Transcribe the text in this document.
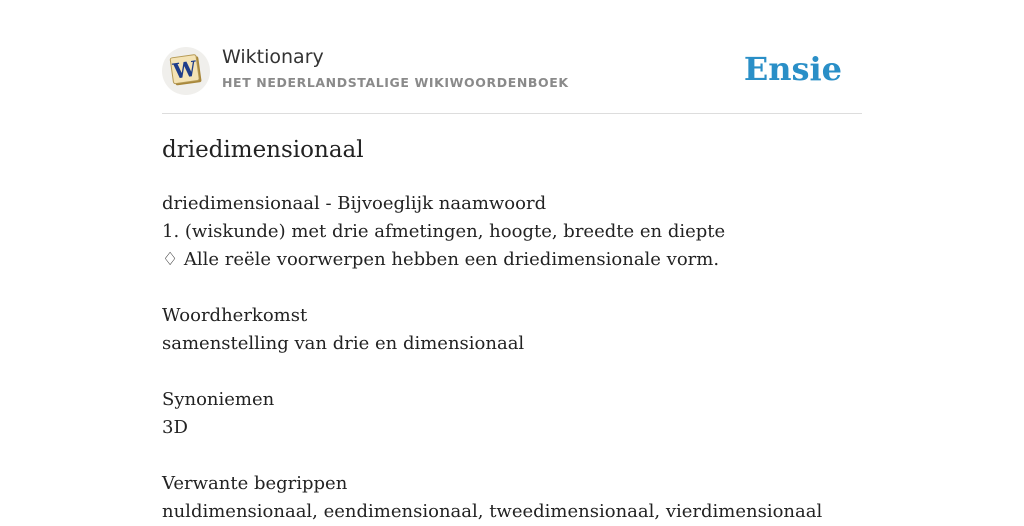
W Wiktionary
HET NEDERLANDSTALIGE WIKIWOORDENBOEK	Ensie
driedimensionaal
driedimensionaal - Bijvoeglijk naamwoord
1. (wiskunde) met drie afmetingen, hoogte, breedte en diepte
♢ Alle reële voorwerpen hebben een driedimensionale vorm.
Woordherkomst
samenstelling van drie en dimensionaal
Synoniemen
3D
Verwante begrippen
nuldimensionaal, eendimensionaal, tweedimensionaal, vierdimensionaal
